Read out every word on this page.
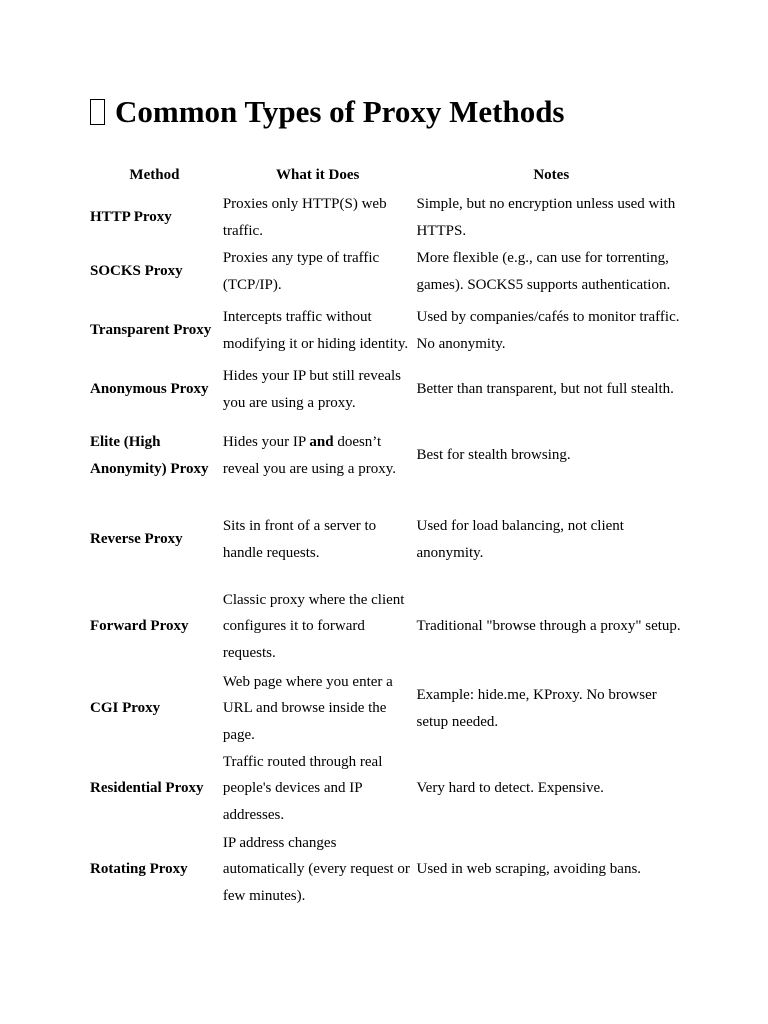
Common Types of Proxy Methods
Method	What it Does	Notes
HTTP Proxy	Proxies only HTTP(S) web traffic.	Simple, but no encryption unless used with HTTPS.
SOCKS Proxy	Proxies any type of traffic (TCP/IP).	More flexible (e.g., can use for torrenting, games). SOCKS5 supports authentication.
Transparent Proxy	Intercepts traffic without modifying it or hiding identity.	Used by companies/cafés to monitor traffic. No anonymity.
Anonymous Proxy	Hides your IP but still reveals you are using a proxy.	Better than transparent, but not full stealth.
Elite (High Anonymity) Proxy	Hides your IP and doesn’t reveal you are using a proxy.	Best for stealth browsing.
Reverse Proxy	Sits in front of a server to handle requests.	Used for load balancing, not client anonymity.
Forward Proxy	Classic proxy where the client configures it to forward requests.	Traditional "browse through a proxy" setup.
CGI Proxy	Web page where you enter a URL and browse inside the page.	Example: hide.me, KProxy. No browser setup needed.
Residential Proxy	Traffic routed through real people's devices and IP addresses.	Very hard to detect. Expensive.
Rotating Proxy	IP address changes automatically (every request or few minutes).	Used in web scraping, avoiding bans.
